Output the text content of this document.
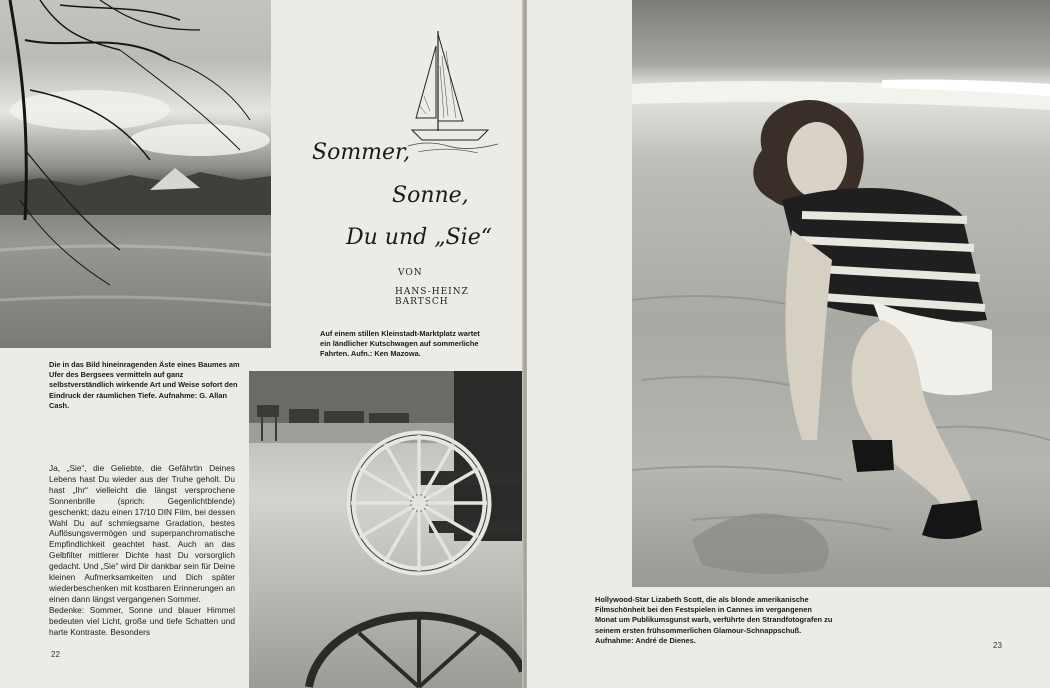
Die in das Bild hineinragenden Äste eines Baumes am Ufer des Bergsees vermitteln auf ganz selbstverständlich wirkende Art und Weise sofort den Eindruck der räumlichen Tiefe. Aufnahme: G. Allan Cash.

Sommer,
Sonne,
Du und „Sie“
VON
HANS-HEINZ BARTSCH

Auf einem stillen Kleinstadt-Marktplatz wartet ein ländlicher Kutschwagen auf sommerliche Fahrten. Aufn.: Ken Mazowa.

Ja, „Sie“, die Geliebte, die Gefährtin Deines Lebens hast Du wieder aus der Truhe geholt. Du hast „Ihr“ vielleicht die längst versprochene Sonnenbrille (sprich: Gegenlichtblende) geschenkt; dazu einen 17/10 DIN Film, bei dessen Wahl Du auf schmiegsame Gradation, bestes Auflösungsvermögen und superpanchromatische Empfindlichkeit geachtet hast. Auch an das Gelbfilter mittlerer Dichte hast Du vorsorglich gedacht. Und „Sie“ wird Dir dankbar sein für Deine kleinen Aufmerksamkeiten und Dich später wiederbeschenken mit kostbaren Erinnerungen an einen dann längst vergangenen Sommer.

Bedenke: Sommer, Sonne und blauer Himmel bedeuten viel Licht, große und tiefe Schatten und harte Kontraste. Besonders

22

Hollywood-Star Lizabeth Scott, die als blonde amerikanische Filmschönheit bei den Festspielen in Cannes im vergangenen Monat um Publikumsgunst warb, verführte den Strandfotografen zu seinem ersten frühsommerlichen Glamour-Schnappschuß. Aufnahme: André de Dienes.

23
